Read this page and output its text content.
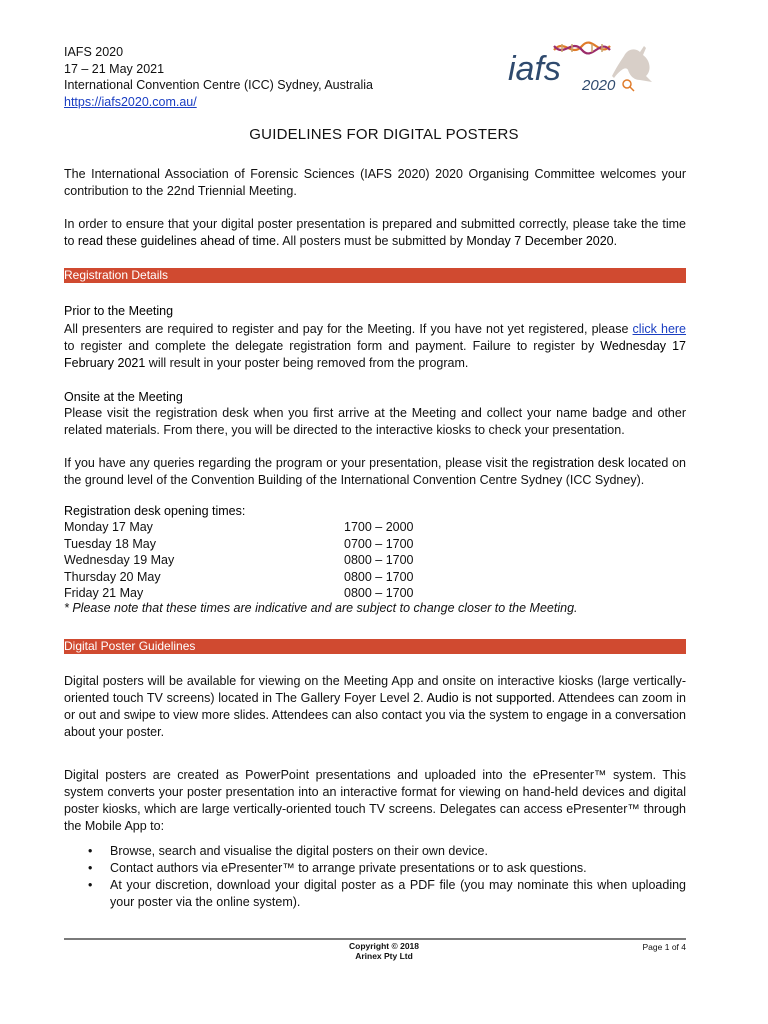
IAFS 2020
17 – 21 May 2021
International Convention Centre (ICC) Sydney, Australia
https://iafs2020.com.au/
iafs 2020
GUIDELINES FOR DIGITAL POSTERS
The International Association of Forensic Sciences (IAFS 2020) 2020 Organising Committee welcomes your contribution to the 22nd Triennial Meeting.
In order to ensure that your digital poster presentation is prepared and submitted correctly, please take the time to read these guidelines ahead of time. All posters must be submitted by Monday 7 December 2020.
Registration Details
Prior to the Meeting
All presenters are required to register and pay for the Meeting. If you have not yet registered, please click here to register and complete the delegate registration form and payment. Failure to register by Wednesday 17 February 2021 will result in your poster being removed from the program.
Onsite at the Meeting
Please visit the registration desk when you first arrive at the Meeting and collect your name badge and other related materials. From there, you will be directed to the interactive kiosks to check your presentation.
If you have any queries regarding the program or your presentation, please visit the registration desk located on the ground level of the Convention Building of the International Convention Centre Sydney (ICC Sydney).
Registration desk opening times:
Monday 17 May	1700 – 2000
Tuesday 18 May	0700 – 1700
Wednesday 19 May	0800 – 1700
Thursday 20 May	0800 – 1700
Friday 21 May	0800 – 1700
* Please note that these times are indicative and are subject to change closer to the Meeting.
Digital Poster Guidelines
Digital posters will be available for viewing on the Meeting App and onsite on interactive kiosks (large vertically-oriented touch TV screens) located in The Gallery Foyer Level 2. Audio is not supported. Attendees can zoom in or out and swipe to view more slides. Attendees can also contact you via the system to engage in a conversation about your poster.
Digital posters are created as PowerPoint presentations and uploaded into the ePresenter™ system. This system converts your poster presentation into an interactive format for viewing on hand-held devices and digital poster kiosks, which are large vertically-oriented touch TV screens. Delegates can access ePresenter™ through the Mobile App to:
• Browse, search and visualise the digital posters on their own device.
• Contact authors via ePresenter™ to arrange private presentations or to ask questions.
• At your discretion, download your digital poster as a PDF file (you may nominate this when uploading your poster via the online system).
Copyright © 2018
Arinex Pty Ltd
Page 1 of 4
